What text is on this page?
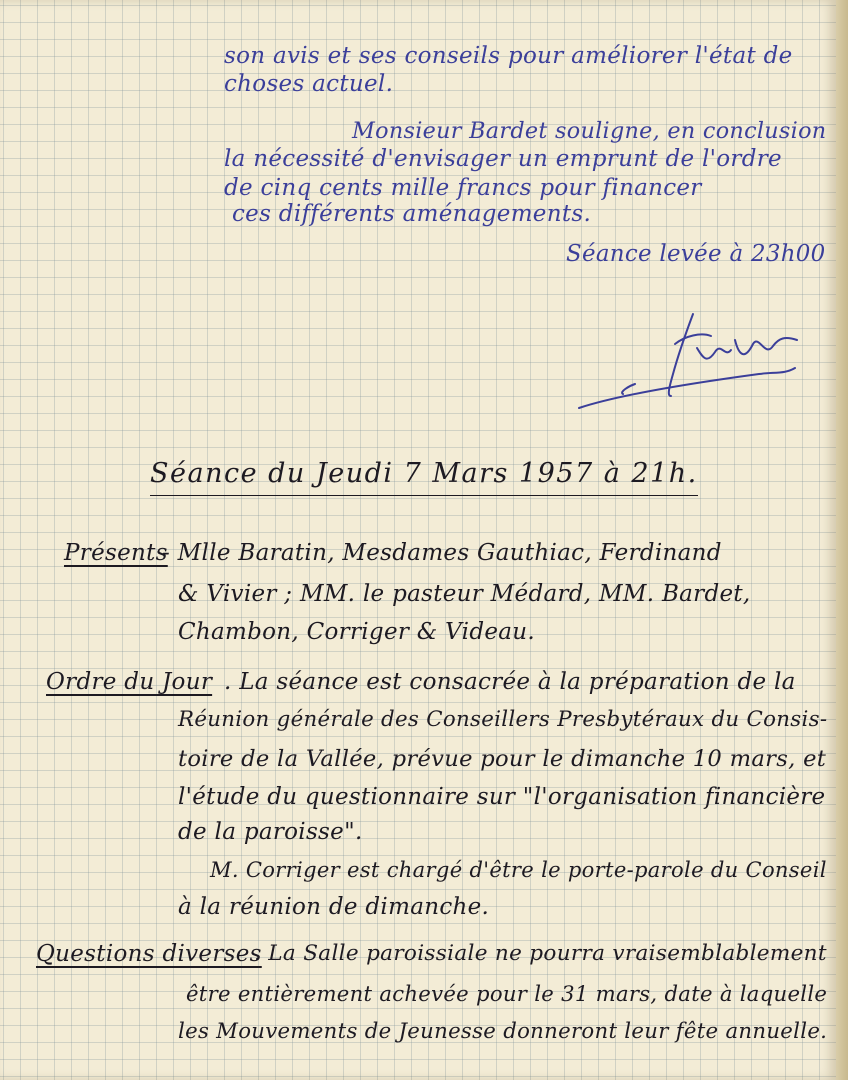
son avis et ses conseils pour améliorer l'état de
choses actuel.
Monsieur Bardet souligne, en conclusion
la nécessité d'envisager un emprunt de l'ordre
de cinq cents mille francs pour financer
ces différents aménagements.
Séance levée à 23h00
Séance du Jeudi 7 Mars 1957 à 21h.
Présents
- Mlle Baratin, Mesdames Gauthiac, Ferdinand
& Vivier ; MM. le pasteur Médard, MM. Bardet,
Chambon, Corriger & Videau.
Ordre du Jour . La séance est consacrée à la préparation de la
Réunion générale des Conseillers Presbytéraux du Consis-
toire de la Vallée, prévue pour le dimanche 10 mars, et
l'étude du questionnaire sur "l'organisation financière
de la paroisse".
M. Corriger est chargé d'être le porte-parole du Conseil
à la réunion de dimanche.
Questions diverses
. La Salle paroissiale ne pourra vraisemblablement
être entièrement achevée pour le 31 mars, date à laquelle
les Mouvements de Jeunesse donneront leur fête annuelle.
